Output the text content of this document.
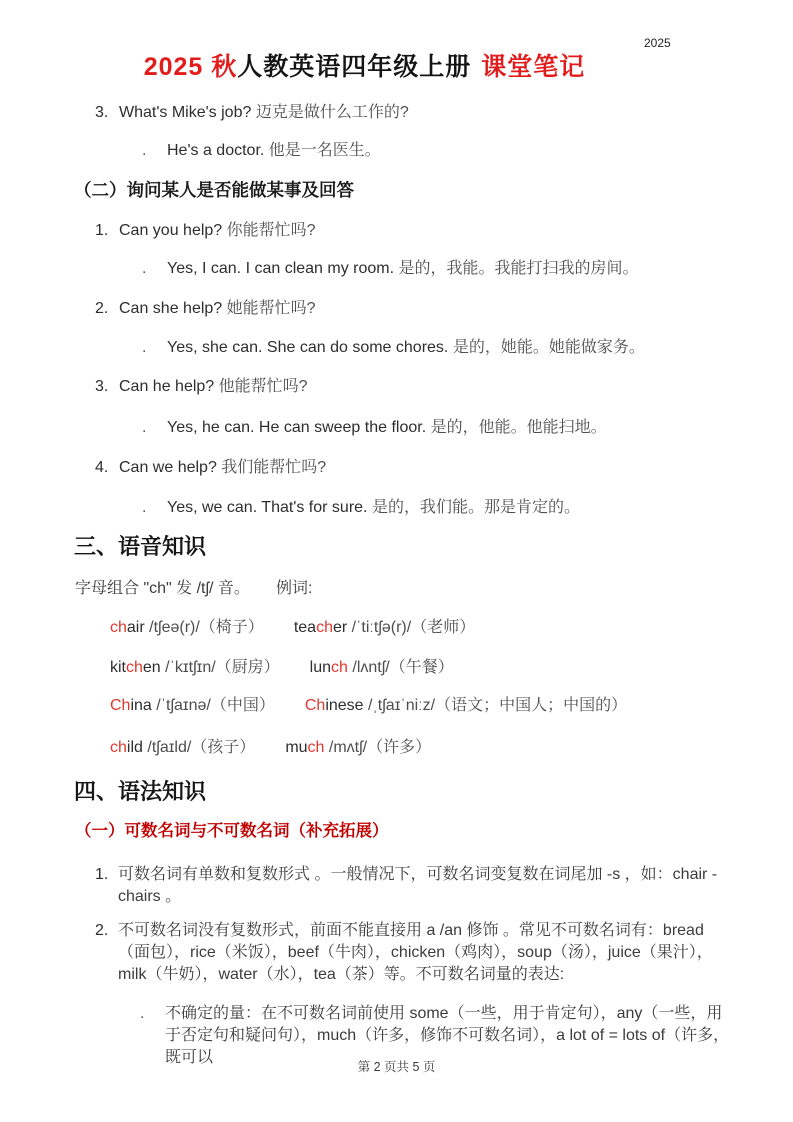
2025
2025 秋人教英语四年级上册 课堂笔记
3. What's Mike's job? 迈克是做什么工作的?
. He's a doctor. 他是一名医生。
（二）询问某人是否能做某事及回答
1. Can you help? 你能帮忙吗?
. Yes, I can. I can clean my room. 是的，我能。我能打扫我的房间。
2. Can she help? 她能帮忙吗?
. Yes, she can. She can do some chores. 是的，她能。她能做家务。
3. Can he help? 他能帮忙吗?
. Yes, he can. He can sweep the floor. 是的，他能。他能扫地。
4. Can we help? 我们能帮忙吗?
. Yes, we can. That's for sure. 是的，我们能。那是肯定的。
三、语音知识
字母组合 "ch" 发 /tʃ/ 音。 例词:
chair /tʃeə(r)/（椅子） teacher /ˈtiːtʃə(r)/（老师）
kitchen /ˈkɪtʃɪn/（厨房） lunch /lʌntʃ/（午餐）
China /ˈtʃaɪnə/（中国） Chinese /ˌtʃaɪˈniːz/（语文；中国人；中国的）
child /tʃaɪld/（孩子） much /mʌtʃ/（许多）
四、语法知识
（一）可数名词与不可数名词（补充拓展）
1. 可数名词有单数和复数形式 。一般情况下，可数名词变复数在词尾加 -s ，如：chair - chairs 。
2. 不可数名词没有复数形式，前面不能直接用 a /an 修饰 。常见不可数名词有：bread（面包），rice（米饭），beef（牛肉），chicken（鸡肉），soup（汤），juice（果汁），milk（牛奶），water（水），tea（茶）等。不可数名词量的表达:
. 不确定的量：在不可数名词前使用 some（一些，用于肯定句），any（一些，用于否定句和疑问句），much（许多，修饰不可数名词），a lot of = lots of（许多，既可以
第 2 页共 5 页
